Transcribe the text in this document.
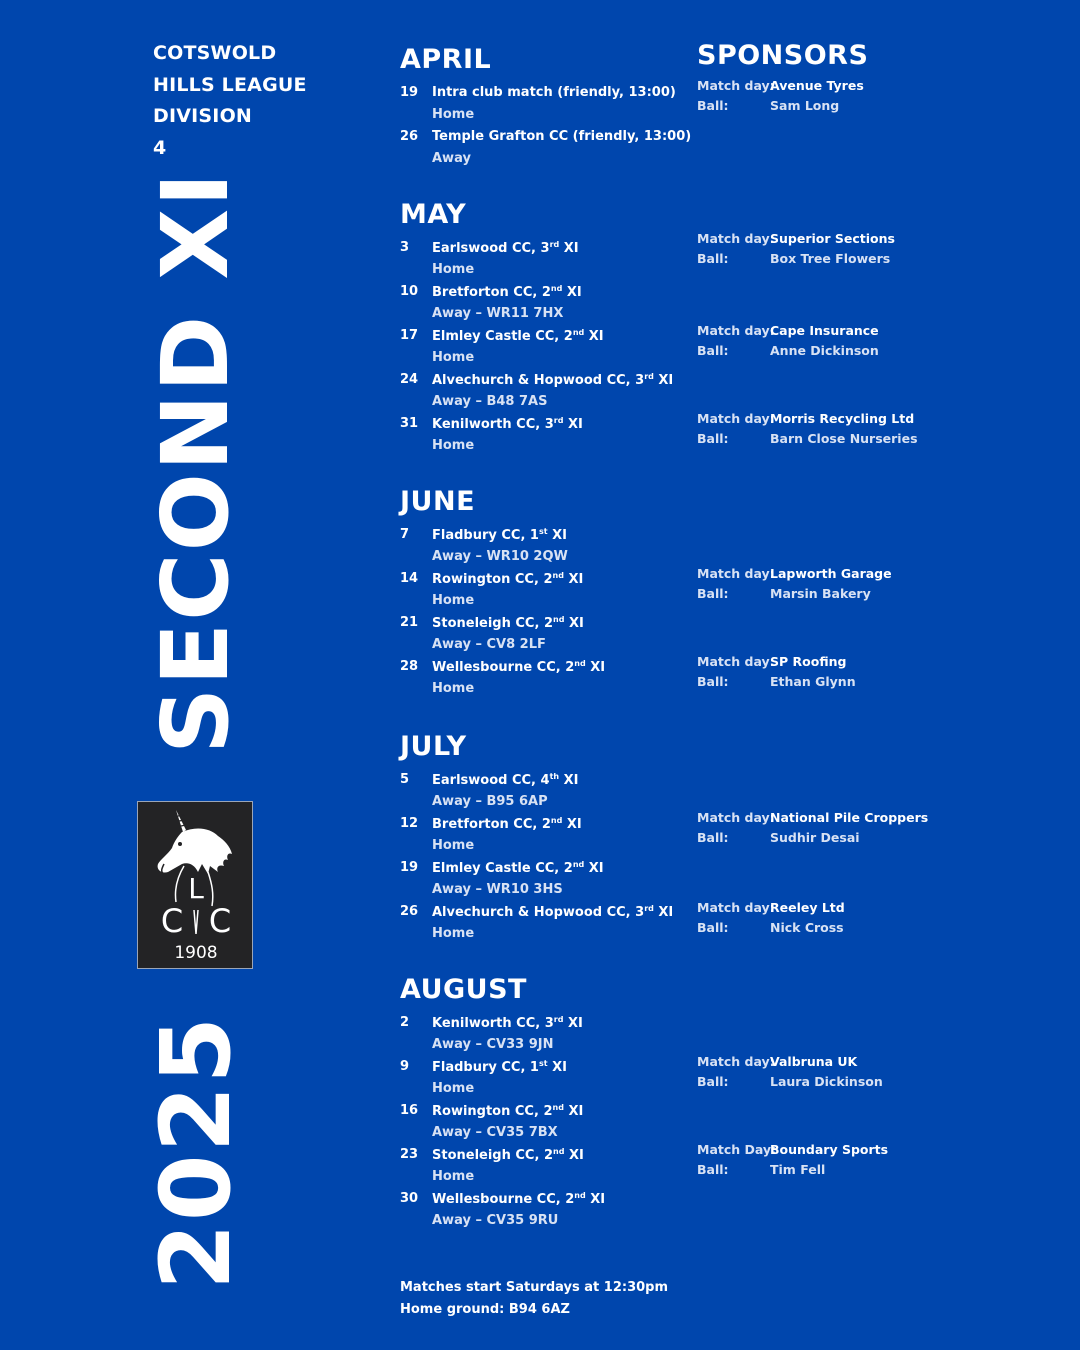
COTSWOLD
HILLS LEAGUE
DIVISION
4
SECOND XI
2025
L
C C
1908
APRIL
19	Intra club match (friendly, 13:00)
Home
26	Temple Grafton CC (friendly, 13:00)
Away
MAY
3	Earlswood CC, 3rd XI
Home
10	Bretforton CC, 2nd XI
Away – WR11 7HX
17	Elmley Castle CC, 2nd XI
Home
24	Alvechurch & Hopwood CC, 3rd XI
Away – B48 7AS
31	Kenilworth CC, 3rd XI
Home
JUNE
7	Fladbury CC, 1st XI
Away – WR10 2QW
14	Rowington CC, 2nd XI
Home
21	Stoneleigh CC, 2nd XI
Away – CV8 2LF
28	Wellesbourne CC, 2nd XI
Home
JULY
5	Earlswood CC, 4th XI
Away – B95 6AP
12	Bretforton CC, 2nd XI
Home
19	Elmley Castle CC, 2nd XI
Away – WR10 3HS
26	Alvechurch & Hopwood CC, 3rd XI
Home
AUGUST
2	Kenilworth CC, 3rd XI
Away – CV33 9JN
9	Fladbury CC, 1st XI
Home
16	Rowington CC, 2nd XI
Away – CV35 7BX
23	Stoneleigh CC, 2nd XI
Home
30	Wellesbourne CC, 2nd XI
Away – CV35 9RU
SPONSORS
Match day:
Avenue Tyres
Ball:	Sam Long
Match day:
Superior Sections
Ball:	Box Tree Flowers
Match day:
Cape Insurance
Ball:	Anne Dickinson
Match day:
Morris Recycling Ltd
Ball:	Barn Close Nurseries
Match day:
Lapworth Garage
Ball:	Marsin Bakery
Match day:
SP Roofing
Ball:	Ethan Glynn
Match day:
National Pile Croppers
Ball:	Sudhir Desai
Match day:
Reeley Ltd
Ball:	Nick Cross
Match day:
Valbruna UK
Ball:	Laura Dickinson
Match Day:
Boundary Sports
Ball:	Tim Fell
Matches start Saturdays at 12:30pm
Home ground: B94 6AZ
